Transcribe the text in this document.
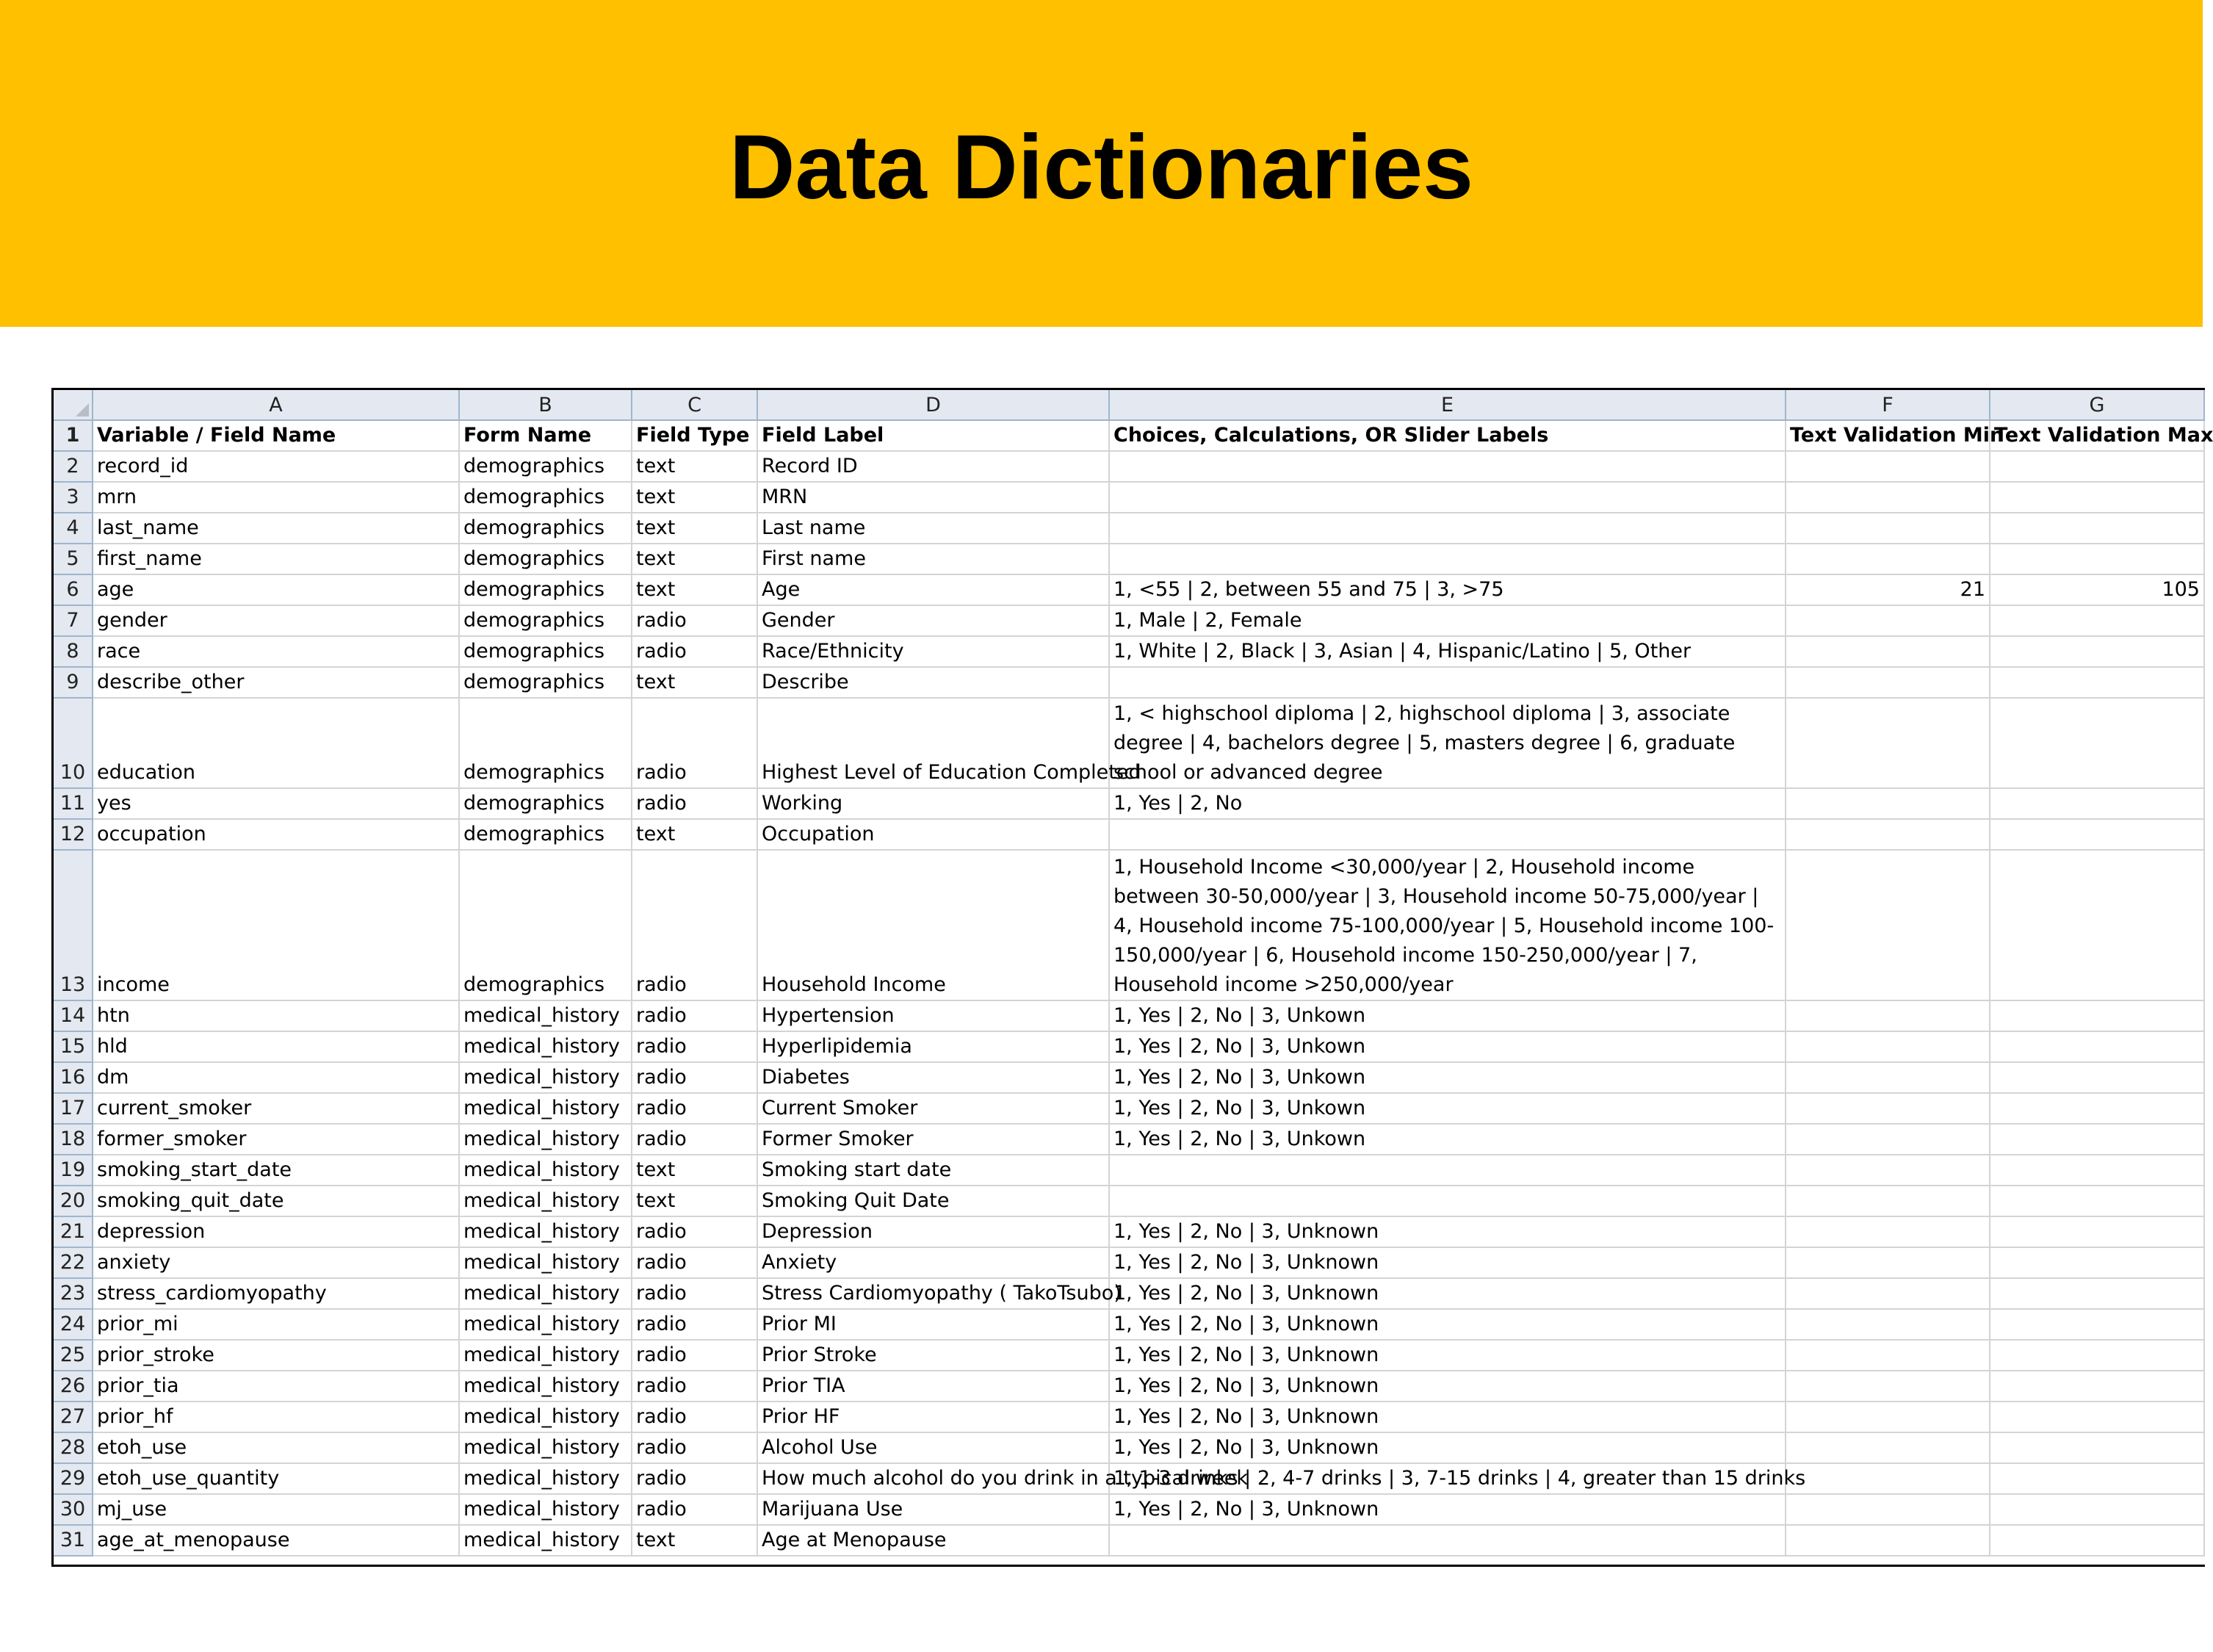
Data Dictionaries
	A	B	C	D	E	F	G
1	Variable / Field Name	Form Name	Field Type	Field Label	Choices, Calculations, OR Slider Labels	Text Validation Min	Text Validation Max
2	record_id	demographics	text	Record ID			
3	mrn	demographics	text	MRN			
4	last_name	demographics	text	Last name			
5	first_name	demographics	text	First name			
6	age	demographics	text	Age	1, <55 | 2, between 55 and 75 | 3, >75	21	105
7	gender	demographics	radio	Gender	1, Male | 2, Female		
8	race	demographics	radio	Race/Ethnicity	1, White | 2, Black | 3, Asian | 4, Hispanic/Latino | 5, Other		
9	describe_other	demographics	text	Describe			
10	education	demographics	radio	Highest Level of Education Completed	1, < highschool diploma | 2, highschool diploma | 3, associate degree | 4, bachelors degree | 5, masters degree | 6, graduate school or advanced degree		
11	yes	demographics	radio	Working	1, Yes | 2, No		
12	occupation	demographics	text	Occupation			
13	income	demographics	radio	Household Income	1, Household Income <30,000/year | 2, Household income between 30-50,000/year | 3, Household income 50-75,000/year | 4, Household income 75-100,000/year | 5, Household income 100-150,000/year | 6, Household income 150-250,000/year | 7, Household income >250,000/year		
14	htn	medical_history	radio	Hypertension	1, Yes | 2, No | 3, Unkown		
15	hld	medical_history	radio	Hyperlipidemia	1, Yes | 2, No | 3, Unkown		
16	dm	medical_history	radio	Diabetes	1, Yes | 2, No | 3, Unkown		
17	current_smoker	medical_history	radio	Current Smoker	1, Yes | 2, No | 3, Unkown		
18	former_smoker	medical_history	radio	Former Smoker	1, Yes | 2, No | 3, Unkown		
19	smoking_start_date	medical_history	text	Smoking start date			
20	smoking_quit_date	medical_history	text	Smoking Quit Date			
21	depression	medical_history	radio	Depression	1, Yes | 2, No | 3, Unknown		
22	anxiety	medical_history	radio	Anxiety	1, Yes | 2, No | 3, Unknown		
23	stress_cardiomyopathy	medical_history	radio	Stress Cardiomyopathy ( TakoTsubo)	1, Yes | 2, No | 3, Unknown		
24	prior_mi	medical_history	radio	Prior MI	1, Yes | 2, No | 3, Unknown		
25	prior_stroke	medical_history	radio	Prior Stroke	1, Yes | 2, No | 3, Unknown		
26	prior_tia	medical_history	radio	Prior TIA	1, Yes | 2, No | 3, Unknown		
27	prior_hf	medical_history	radio	Prior HF	1, Yes | 2, No | 3, Unknown		
28	etoh_use	medical_history	radio	Alcohol Use	1, Yes | 2, No | 3, Unknown		
29	etoh_use_quantity	medical_history	radio	How much alcohol do you drink in a typical week	1, 1-3 drinks | 2, 4-7 drinks | 3, 7-15 drinks | 4, greater than 15 drinks		
30	mj_use	medical_history	radio	Marijuana Use	1, Yes | 2, No | 3, Unknown		
31	age_at_menopause	medical_history	text	Age at Menopause			
